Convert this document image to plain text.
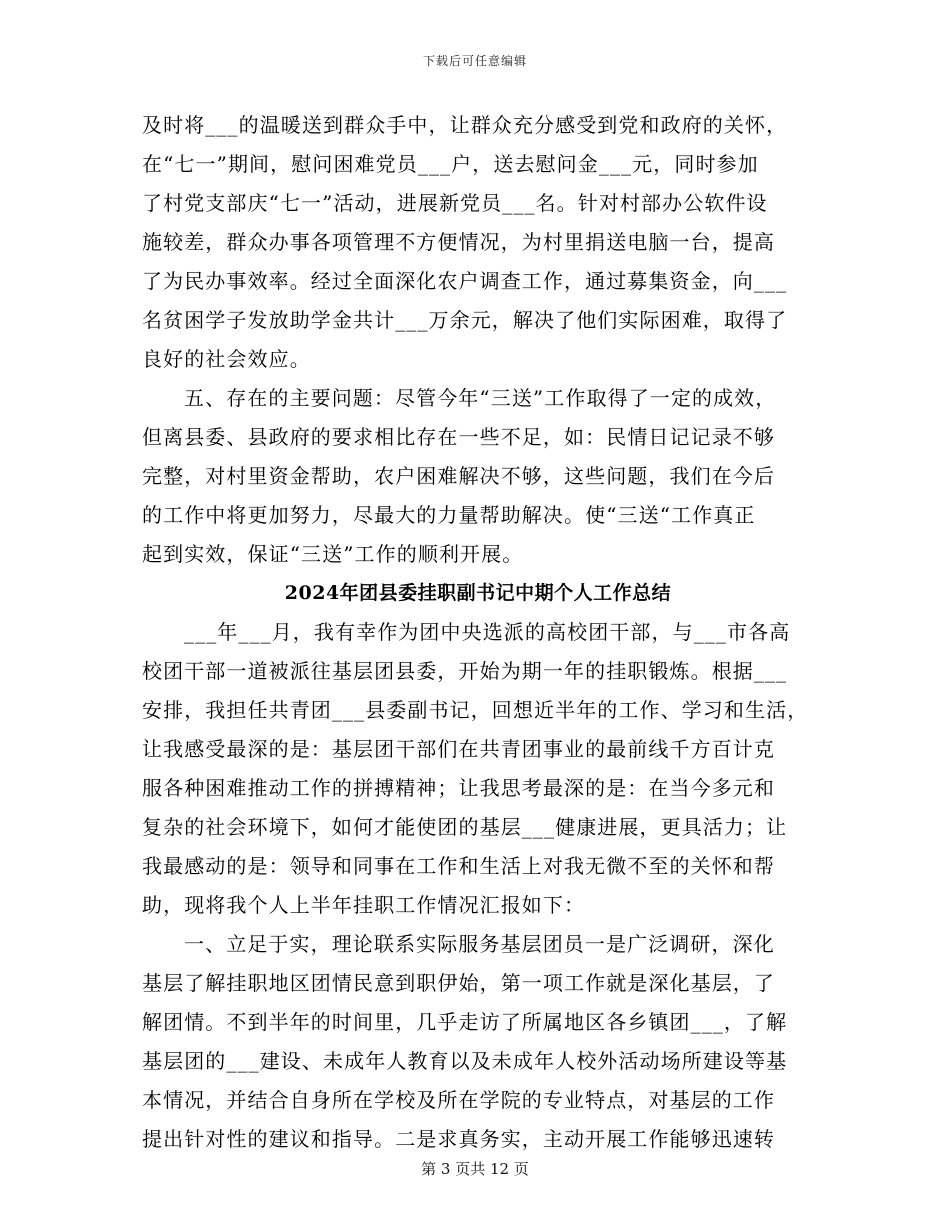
下载后可任意编辑
及时将___的温暖送到群众手中，让群众充分感受到党和政府的关怀，
在“七一”期间，慰问困难党员___户，送去慰问金___元，同时参加
了村党支部庆“七一”活动，进展新党员___名。针对村部办公软件设
施较差，群众办事各项管理不方便情况，为村里捐送电脑一台，提高
了为民办事效率。经过全面深化农户调查工作，通过募集资金，向___
名贫困学子发放助学金共计___万余元，解决了他们实际困难，取得了
良好的社会效应。
五、存在的主要问题：尽管今年“三送”工作取得了一定的成效，
但离县委、县政府的要求相比存在一些不足，如：民情日记记录不够
完整，对村里资金帮助，农户困难解决不够，这些问题，我们在今后
的工作中将更加努力，尽最大的力量帮助解决。使“三送“工作真正
起到实效，保证“三送”工作的顺利开展。
2024年团县委挂职副书记中期个人工作总结
___年___月，我有幸作为团中央选派的高校团干部，与___市各高
校团干部一道被派往基层团县委，开始为期一年的挂职锻炼。根据___
安排，我担任共青团___县委副书记，回想近半年的工作、学习和生活，
让我感受最深的是：基层团干部们在共青团事业的最前线千方百计克
服各种困难推动工作的拼搏精神；让我思考最深的是：在当今多元和
复杂的社会环境下，如何才能使团的基层___健康进展，更具活力；让
我最感动的是：领导和同事在工作和生活上对我无微不至的关怀和帮
助，现将我个人上半年挂职工作情况汇报如下：
一、立足于实，理论联系实际服务基层团员一是广泛调研，深化
基层了解挂职地区团情民意到职伊始，第一项工作就是深化基层，了
解团情。不到半年的时间里，几乎走访了所属地区各乡镇团___，了解
基层团的___建设、未成年人教育以及未成年人校外活动场所建设等基
本情况，并结合自身所在学校及所在学院的专业特点，对基层的工作
提出针对性的建议和指导。二是求真务实，主动开展工作能够迅速转
第 3 页共 12 页
